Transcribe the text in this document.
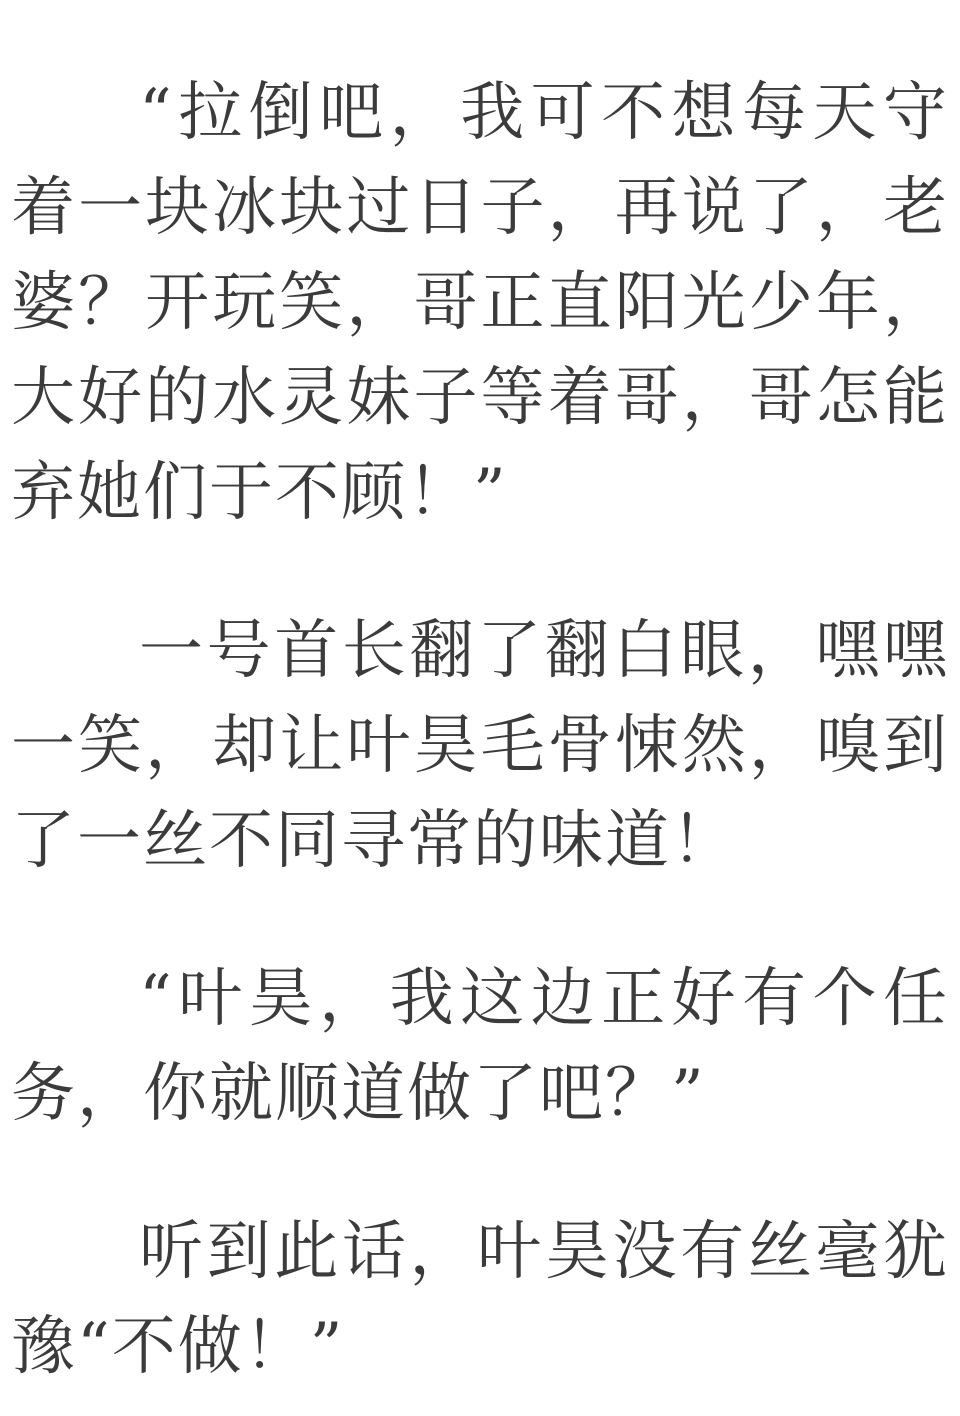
“拉倒吧，我可不想每天守着一块冰块过日子，再说了，老婆？开玩笑，哥正直阳光少年，大好的水灵妹子等着哥，哥怎能弃她们于不顾！”

一号首长翻了翻白眼，嘿嘿一笑，却让叶昊毛骨悚然，嗅到了一丝不同寻常的味道！

“叶昊，我这边正好有个任务，你就顺道做了吧？”

听到此话，叶昊没有丝毫犹豫“不做！”
